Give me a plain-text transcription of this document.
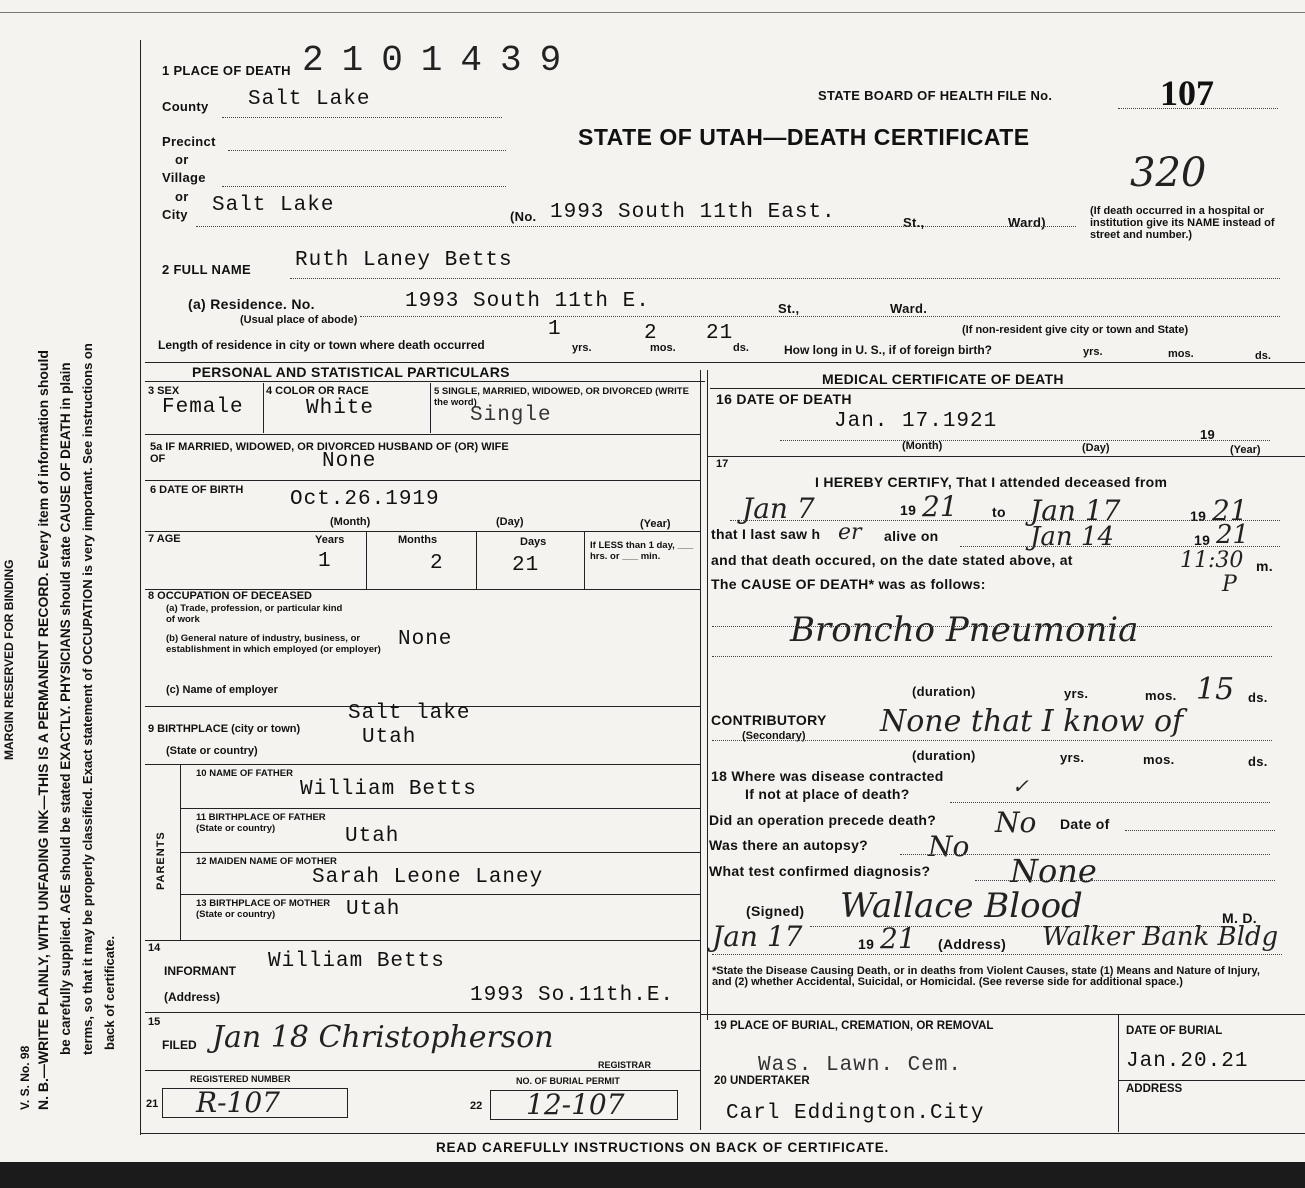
MARGIN RESERVED FOR BINDING
V. S. No. 98 N. B.—WRITE PLAINLY, WITH UNFADING INK—THIS IS A PERMANENT RECORD. Every item of information should be carefully supplied. AGE should be stated EXACTLY. PHYSICIANS should state CAUSE OF DEATH in plain terms, so that it may be properly classified. Exact statement of OCCUPATION is very important. See instructions on back of certificate.
2101439
1 PLACE OF DEATH
County Salt Lake	STATE BOARD OF HEALTH FILE No.	107
STATE OF UTAH—DEATH CERTIFICATE
320
Precinct
or
Village
or
City Salt Lake	(No. 1993 South 11th East.	St.,	Ward)
(If death occurred in a hospital or institution give its NAME instead of street and number.)
2 FULL NAME Ruth Laney Betts
(a) Residence. No.	1993 South 11th E.
(Usual place of abode)
St.,	Ward.
(If non-resident give city or town and State)
Length of residence in city or town where death occurred
1
yrs.
2
mos.
21
ds.	How long in U. S., if of foreign birth?	yrs.	mos.	ds.
PERSONAL AND STATISTICAL PARTICULARS	MEDICAL CERTIFICATE OF DEATH
3 SEX
Female
4 COLOR OR RACE
White
5 SINGLE, MARRIED, WIDOWED, OR DIVORCED (WRITE the word)
Single
5a IF MARRIED, WIDOWED, OR DIVORCED HUSBAND OF (OR) WIFE OF	None
6 DATE OF BIRTH Oct.26.1919
(Month)	(Day)	(Year)
7 AGE	Years	Months	Days
1	2	21
If LESS than 1 day, ___ hrs. or ___ min.
8 OCCUPATION OF DECEASED
(a) Trade, profession, or particular kind of work
(b) General nature of industry, business, or establishment in which employed (or employer) None
(c) Name of employer
9 BIRTHPLACE (city or town)
(State or country)
Salt lake
Utah
PARENTS
10 NAME OF FATHER
William Betts
11 BIRTHPLACE OF FATHER (State or country)	Utah
12 MAIDEN NAME OF MOTHER
Sarah Leone Laney
13 BIRTHPLACE OF MOTHER (State or country)	Utah
14
INFORMANT William Betts
(Address)	1993 So.11th.E.
15
FILED Jan 18 Christopherson
REGISTRAR
REGISTERED NUMBER	NO. OF BURIAL PERMIT
21 R-107	22 12-107
16 DATE OF DEATH
Jan. 17.1921
19
(Month)	(Day)	(Year)
17
I HEREBY CERTIFY, That I attended deceased from
Jan 7	19 21 to Jan 17	19 21
that I last saw h er alive on	Jan 14	19 21
and that death occured, on the date stated above, at	11:30 m.
P
The CAUSE OF DEATH* was as follows:
Broncho Pneumonia
(duration)	yrs.	mos. 15 ds.
CONTRIBUTORY
(Secondary) None that I know of
(duration)	yrs.	mos.	ds.
18 Where was disease contracted
If not at place of death?	✓
Did an operation precede death? No Date of
Was there an autopsy? No
What test confirmed diagnosis? None
(Signed) Wallace Blood	M. D.
Jan 17	19 21 (Address) Walker Bank Bldg
*State the Disease Causing Death, or in deaths from Violent Causes, state (1) Means and Nature of Injury, and (2) whether Accidental, Suicidal, or Homicidal. (See reverse side for additional space.)
19 PLACE OF BURIAL, CREMATION, OR REMOVAL	DATE OF BURIAL
Was. Lawn. Cem.	Jan.20.21
20 UNDERTAKER
ADDRESS
Carl Eddington.City
READ CAREFULLY INSTRUCTIONS ON BACK OF CERTIFICATE.
